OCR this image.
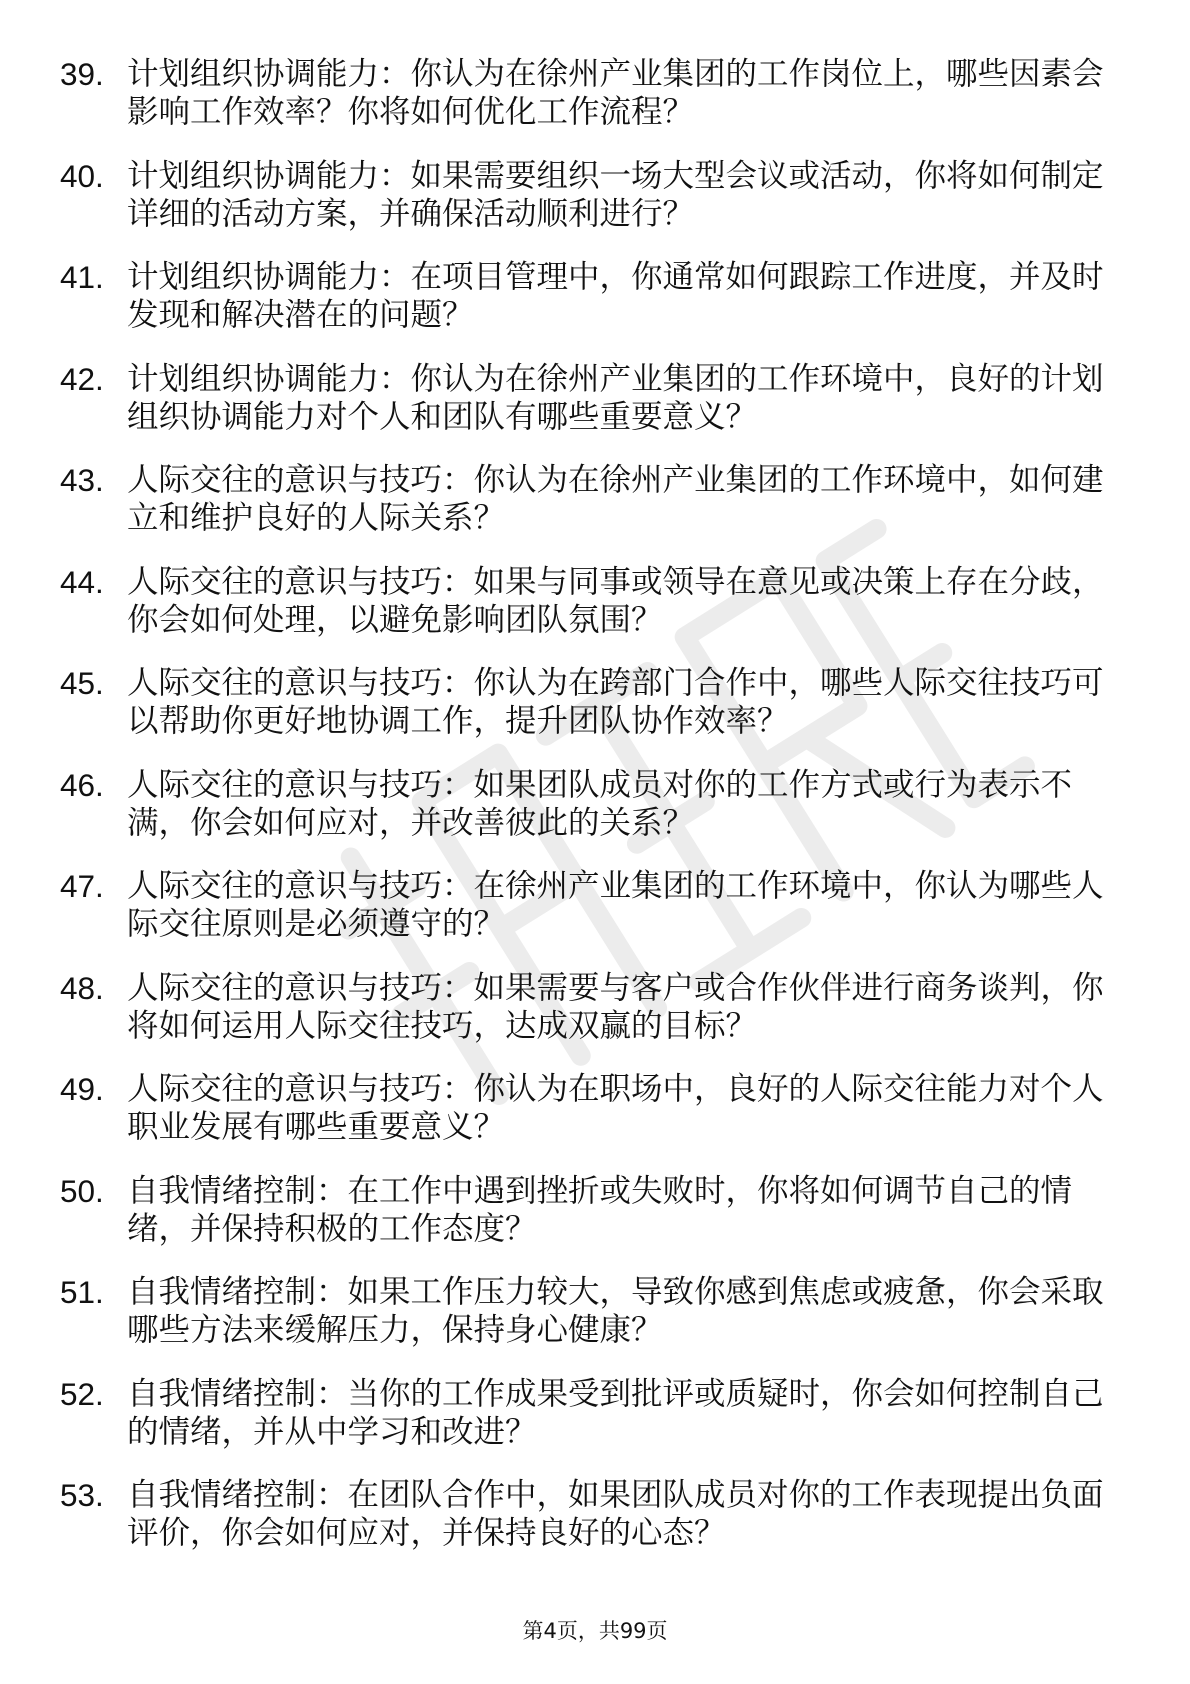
39. 计划组织协调能力：你认为在徐州产业集团的工作岗位上，哪些因素会影响工作效率？你将如何优化工作流程？
40. 计划组织协调能力：如果需要组织一场大型会议或活动，你将如何制定详细的活动方案，并确保活动顺利进行？
41. 计划组织协调能力：在项目管理中，你通常如何跟踪工作进度，并及时发现和解决潜在的问题？
42. 计划组织协调能力：你认为在徐州产业集团的工作环境中，良好的计划组织协调能力对个人和团队有哪些重要意义？
43. 人际交往的意识与技巧：你认为在徐州产业集团的工作环境中，如何建立和维护良好的人际关系？
44. 人际交往的意识与技巧：如果与同事或领导在意见或决策上存在分歧，你会如何处理，以避免影响团队氛围？
45. 人际交往的意识与技巧：你认为在跨部门合作中，哪些人际交往技巧可以帮助你更好地协调工作，提升团队协作效率？
46. 人际交往的意识与技巧：如果团队成员对你的工作方式或行为表示不满，你会如何应对，并改善彼此的关系？
47. 人际交往的意识与技巧：在徐州产业集团的工作环境中，你认为哪些人际交往原则是必须遵守的？
48. 人际交往的意识与技巧：如果需要与客户或合作伙伴进行商务谈判，你将如何运用人际交往技巧，达成双赢的目标？
49. 人际交往的意识与技巧：你认为在职场中，良好的人际交往能力对个人职业发展有哪些重要意义？
50. 自我情绪控制：在工作中遇到挫折或失败时，你将如何调节自己的情绪，并保持积极的工作态度？
51. 自我情绪控制：如果工作压力较大，导致你感到焦虑或疲惫，你会采取哪些方法来缓解压力，保持身心健康？
52. 自我情绪控制：当你的工作成果受到批评或质疑时，你会如何控制自己的情绪，并从中学习和改进？
53. 自我情绪控制：在团队合作中，如果团队成员对你的工作表现提出负面评价，你会如何应对，并保持良好的心态？
第4页，共99页
